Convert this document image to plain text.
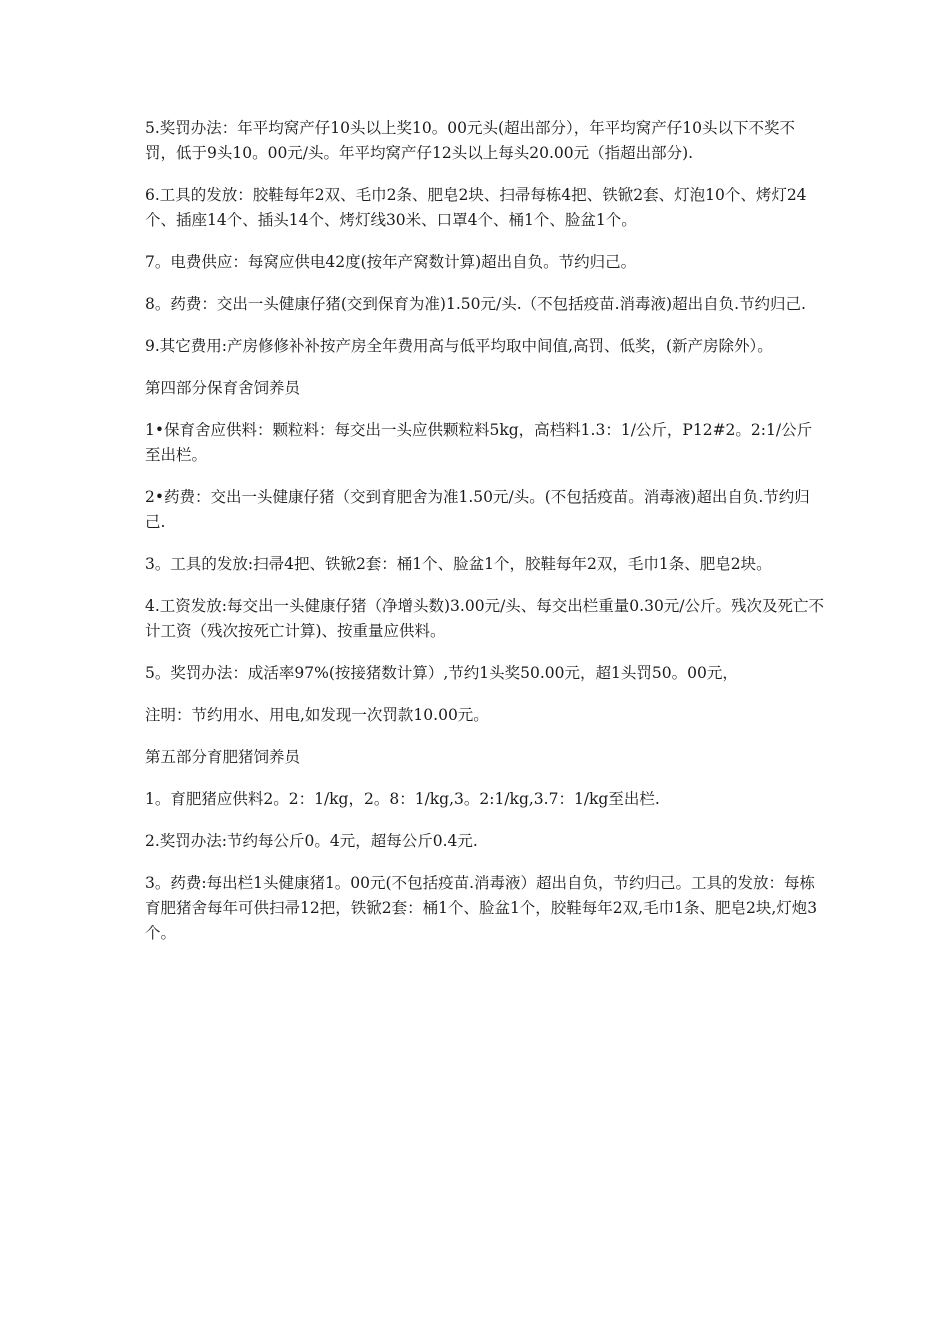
5.奖罚办法：年平均窝产仔10头以上奖10。00元头(超出部分），年平均窝产仔10头以下不奖不罚，低于9头10。00元/头。年平均窝产仔12头以上每头20.00元（指超出部分).

6.工具的发放：胶鞋每年2双、毛巾2条、肥皂2块、扫帚每栋4把、铁锨2套、灯泡10个、烤灯24个、插座14个、插头14个、烤灯线30米、口罩4个、桶1个、脸盆1个。

7。电费供应：每窝应供电42度(按年产窝数计算)超出自负。节约归己。

8。药费：交出一头健康仔猪(交到保育为准)1.50元/头.（不包括疫苗.消毒液)超出自负.节约归己.

9.其它费用:产房修修补补按产房全年费用高与低平均取中间值,高罚、低奖，(新产房除外）。

第四部分保育舍饲养员

1•保育舍应供料：颗粒料：每交出一头应供颗粒料5kg，高档料1.3：1/公斤，P12#2。2:1/公斤至出栏。

2•药费：交出一头健康仔猪（交到育肥舍为准1.50元/头。(不包括疫苗。消毒液)超出自负.节约归己.

3。工具的发放:扫帚4把、铁锨2套：桶1个、脸盆1个，胶鞋每年2双，毛巾1条、肥皂2块。

4.工资发放:每交出一头健康仔猪（净增头数)3.00元/头、每交出栏重量0.30元/公斤。残次及死亡不计工资（残次按死亡计算)、按重量应供料。

5。奖罚办法：成活率97%(按接猪数计算）,节约1头奖50.00元，超1头罚50。00元，

注明：节约用水、用电,如发现一次罚款10.00元。

第五部分育肥猪饲养员

1。育肥猪应供料2。2：1/kg，2。8：1/kg,3。2:1/kg,3.7：1/kg至出栏.

2.奖罚办法:节约每公斤0。4元，超每公斤0.4元.

3。药费:每出栏1头健康猪1。00元(不包括疫苗.消毒液）超出自负，节约归己。工具的发放：每栋育肥猪舍每年可供扫帚12把，铁锨2套：桶1个、脸盆1个，胶鞋每年2双,毛巾1条、肥皂2块,灯炮3个。
